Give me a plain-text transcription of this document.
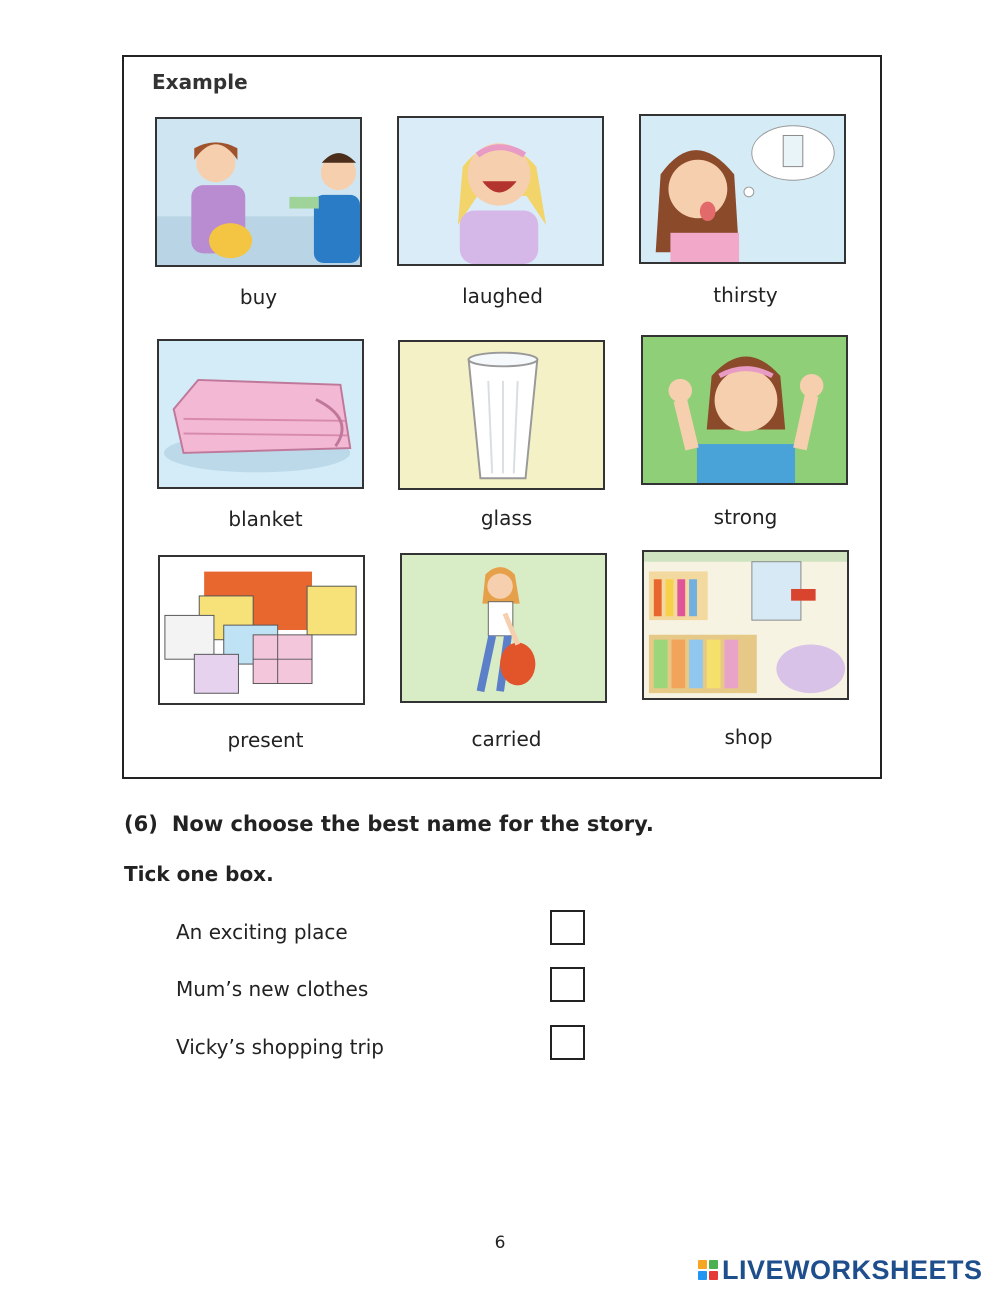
Example
buy	laughed	thirsty
blanket	glass	strong
present	carried	shop
(6) Now choose the best name for the story.
Tick one box.
An exciting place
Mum’s new clothes
Vicky’s shopping trip
6
LIVEWORKSHEETS
